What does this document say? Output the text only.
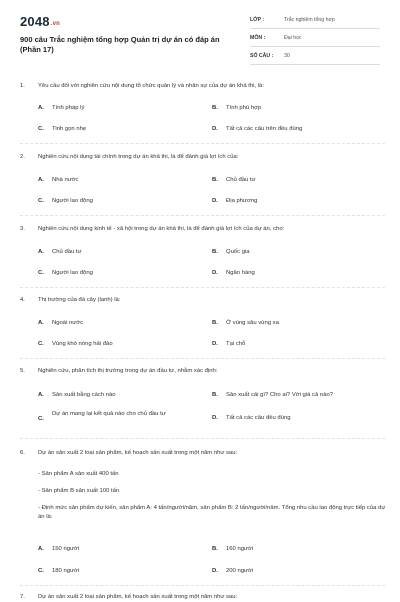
2048.vn
900 câu Trắc nghiệm tổng hợp Quản trị dự án có đáp án (Phần 17)
LỚP :	Trắc nghiệm tổng hợp
MÔN :	Đại học
SỐ CÂU : 30
1.	Yêu cầu đối với nghiên cứu nội dung tổ chức quản lý và nhân sự của dự án khả thi, là:
A. Tính pháp lý	B. Tính phù hợp
C. Tinh gọn nhẹ	D. Tất cả các câu trên đều đúng
2.	Nghiên cứu nội dung tài chính trong dự án khả thi, là để đánh giá lợi ích của:
A. Nhà nước	B. Chủ đầu tư
C. Người lao động	D. Địa phương
3.	Nghiên cứu nội dung kinh tế - xã hội trong dự án khả thi, là để đánh giá lợi ích của dự án, cho:
A. Chủ đầu tư	B. Quốc gia
C. Người lao động	D. Ngân hàng
4.	Thị trường của đá cây (lạnh) là:
A. Ngoài nước	B. Ở vùng sâu vùng xa
C. Vùng khó nóng hải đảo	D. Tại chỗ
5.	Nghiên cứu, phân tích thị trường trong dự án đầu tư, nhằm xác định:
A. Sản xuất bằng cách nào	B. Sản xuất cái gì? Cho ai? Với giá cả nào?
C.
Dự án mang lại kết quả nào cho chủ đầu tư
D. Tất cả các câu đều đúng
6.	Dự án sản xuất 2 loại sản phẩm, kế hoạch sản xuất trong một năm như sau:
- Sản phẩm A sản xuất 400 tấn
- Sản phẩm B sản xuất 100 tấn
- Định mức sản phẩm dự kiến, sản phẩm A: 4 tấn/người/năm, sản phẩm B: 2 tấn/người/năm. Tổng nhu cầu lao động trực tiếp của dự án là:
A. 150 người	B. 160 người
C. 180 người	D. 200 người
7.	Dự án sản xuất 2 loại sản phẩm, kế hoạch sản xuất trong một năm như sau:
